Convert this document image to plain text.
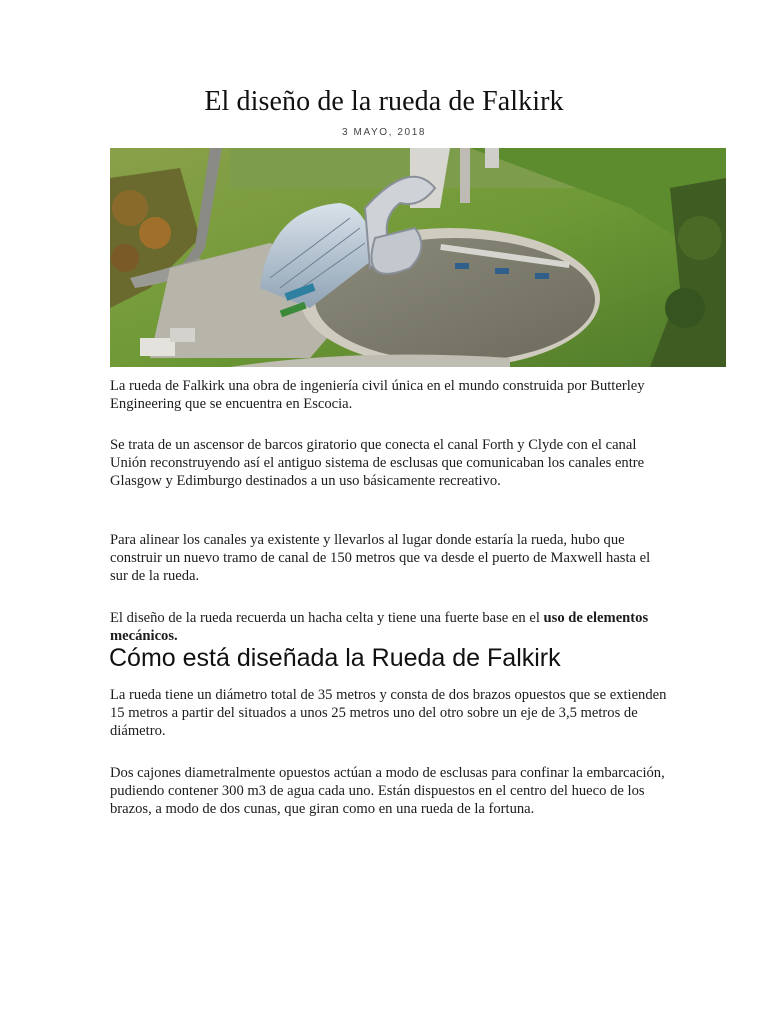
El diseño de la rueda de Falkirk
3 MAYO, 2018

La rueda de Falkirk una obra de ingeniería civil única en el mundo construida por Butterley Engineering que se encuentra en Escocia.

Se trata de un ascensor de barcos giratorio que conecta el canal Forth y Clyde con el canal Unión reconstruyendo así el antiguo sistema de esclusas que comunicaban los canales entre Glasgow y Edimburgo destinados a un uso básicamente recreativo.

Para alinear los canales ya existente y llevarlos al lugar donde estaría la rueda, hubo que construir un nuevo tramo de canal de 150 metros que va desde el puerto de Maxwell hasta el sur de la rueda.

El diseño de la rueda recuerda un hacha celta y tiene una fuerte base en el uso de elementos mecánicos.

Cómo está diseñada la Rueda de Falkirk

La rueda tiene un diámetro total de 35 metros y consta de dos brazos opuestos que se extienden 15 metros a partir del situados a unos 25 metros uno del otro sobre un eje de 3,5 metros de diámetro.

Dos cajones diametralmente opuestos actúan a modo de esclusas para confinar la embarcación, pudiendo contener 300 m3 de agua cada uno. Están dispuestos en el centro del hueco de los brazos, a modo de dos cunas, que giran como en una rueda de la fortuna.
